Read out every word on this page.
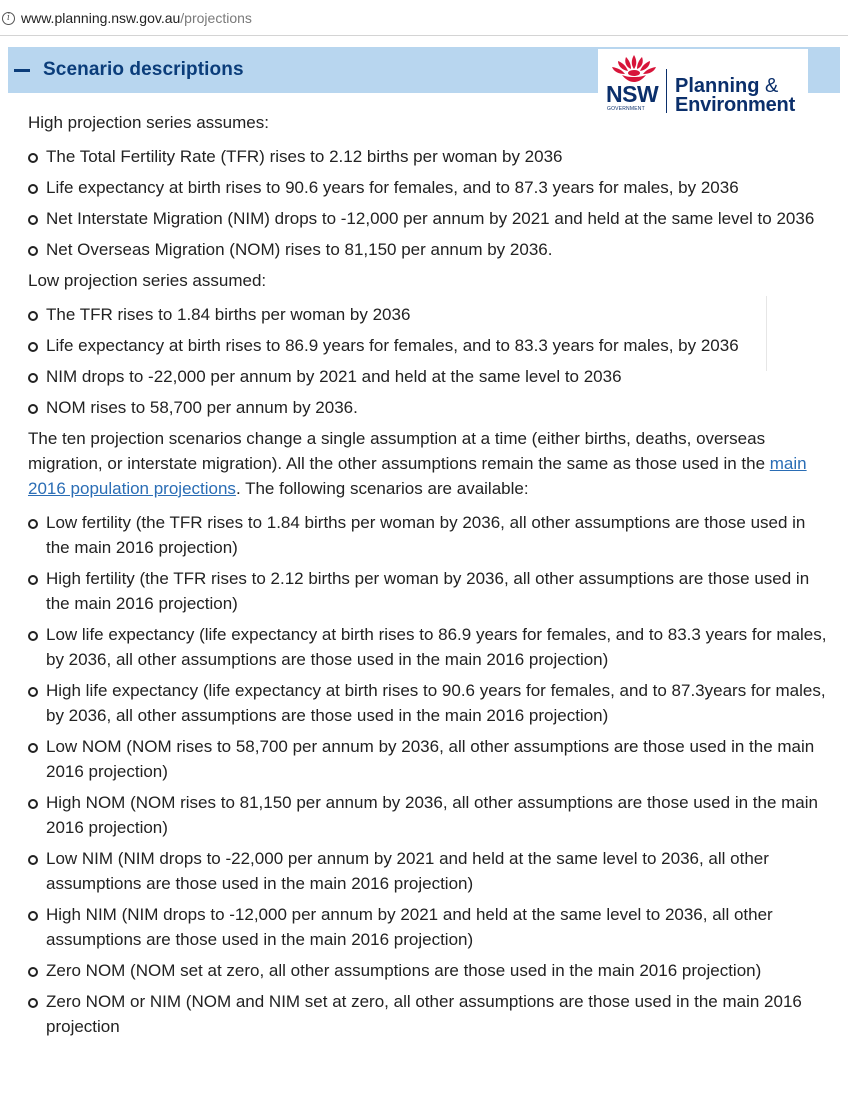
i www.planning.nsw.gov.au /projections
Scenario descriptions
NSW
GOVERNMENT
Planning &
Environment

High projection series assumes:

The Total Fertility Rate (TFR) rises to 2.12 births per woman by 2036
Life expectancy at birth rises to 90.6 years for females, and to 87.3 years for males, by 2036
Net Interstate Migration (NIM) drops to -12,000 per annum by 2021 and held at the same level to 2036
Net Overseas Migration (NOM) rises to 81,150 per annum by 2036.

Low projection series assumed:

The TFR rises to 1.84 births per woman by 2036
Life expectancy at birth rises to 86.9 years for females, and to 83.3 years for males, by 2036
NIM drops to -22,000 per annum by 2021 and held at the same level to 2036
NOM rises to 58,700 per annum by 2036.

The ten projection scenarios change a single assumption at a time (either births, deaths, overseas migration, or interstate migration). All the other assumptions remain the same as those used in the main 2016 population projections. The following scenarios are available:

Low fertility (the TFR rises to 1.84 births per woman by 2036, all other assumptions are those used in the main 2016 projection)
High fertility (the TFR rises to 2.12 births per woman by 2036, all other assumptions are those used in the main 2016 projection)
Low life expectancy (life expectancy at birth rises to 86.9 years for females, and to 83.3 years for males, by 2036, all other assumptions are those used in the main 2016 projection)
High life expectancy (life expectancy at birth rises to 90.6 years for females, and to 87.3years for males, by 2036, all other assumptions are those used in the main 2016 projection)
Low NOM (NOM rises to 58,700 per annum by 2036, all other assumptions are those used in the main 2016 projection)
High NOM (NOM rises to 81,150 per annum by 2036, all other assumptions are those used in the main 2016 projection)
Low NIM (NIM drops to -22,000 per annum by 2021 and held at the same level to 2036, all other assumptions are those used in the main 2016 projection)
High NIM (NIM drops to -12,000 per annum by 2021 and held at the same level to 2036, all other assumptions are those used in the main 2016 projection)
Zero NOM (NOM set at zero, all other assumptions are those used in the main 2016 projection)
Zero NOM or NIM (NOM and NIM set at zero, all other assumptions are those used in the main 2016 projection
